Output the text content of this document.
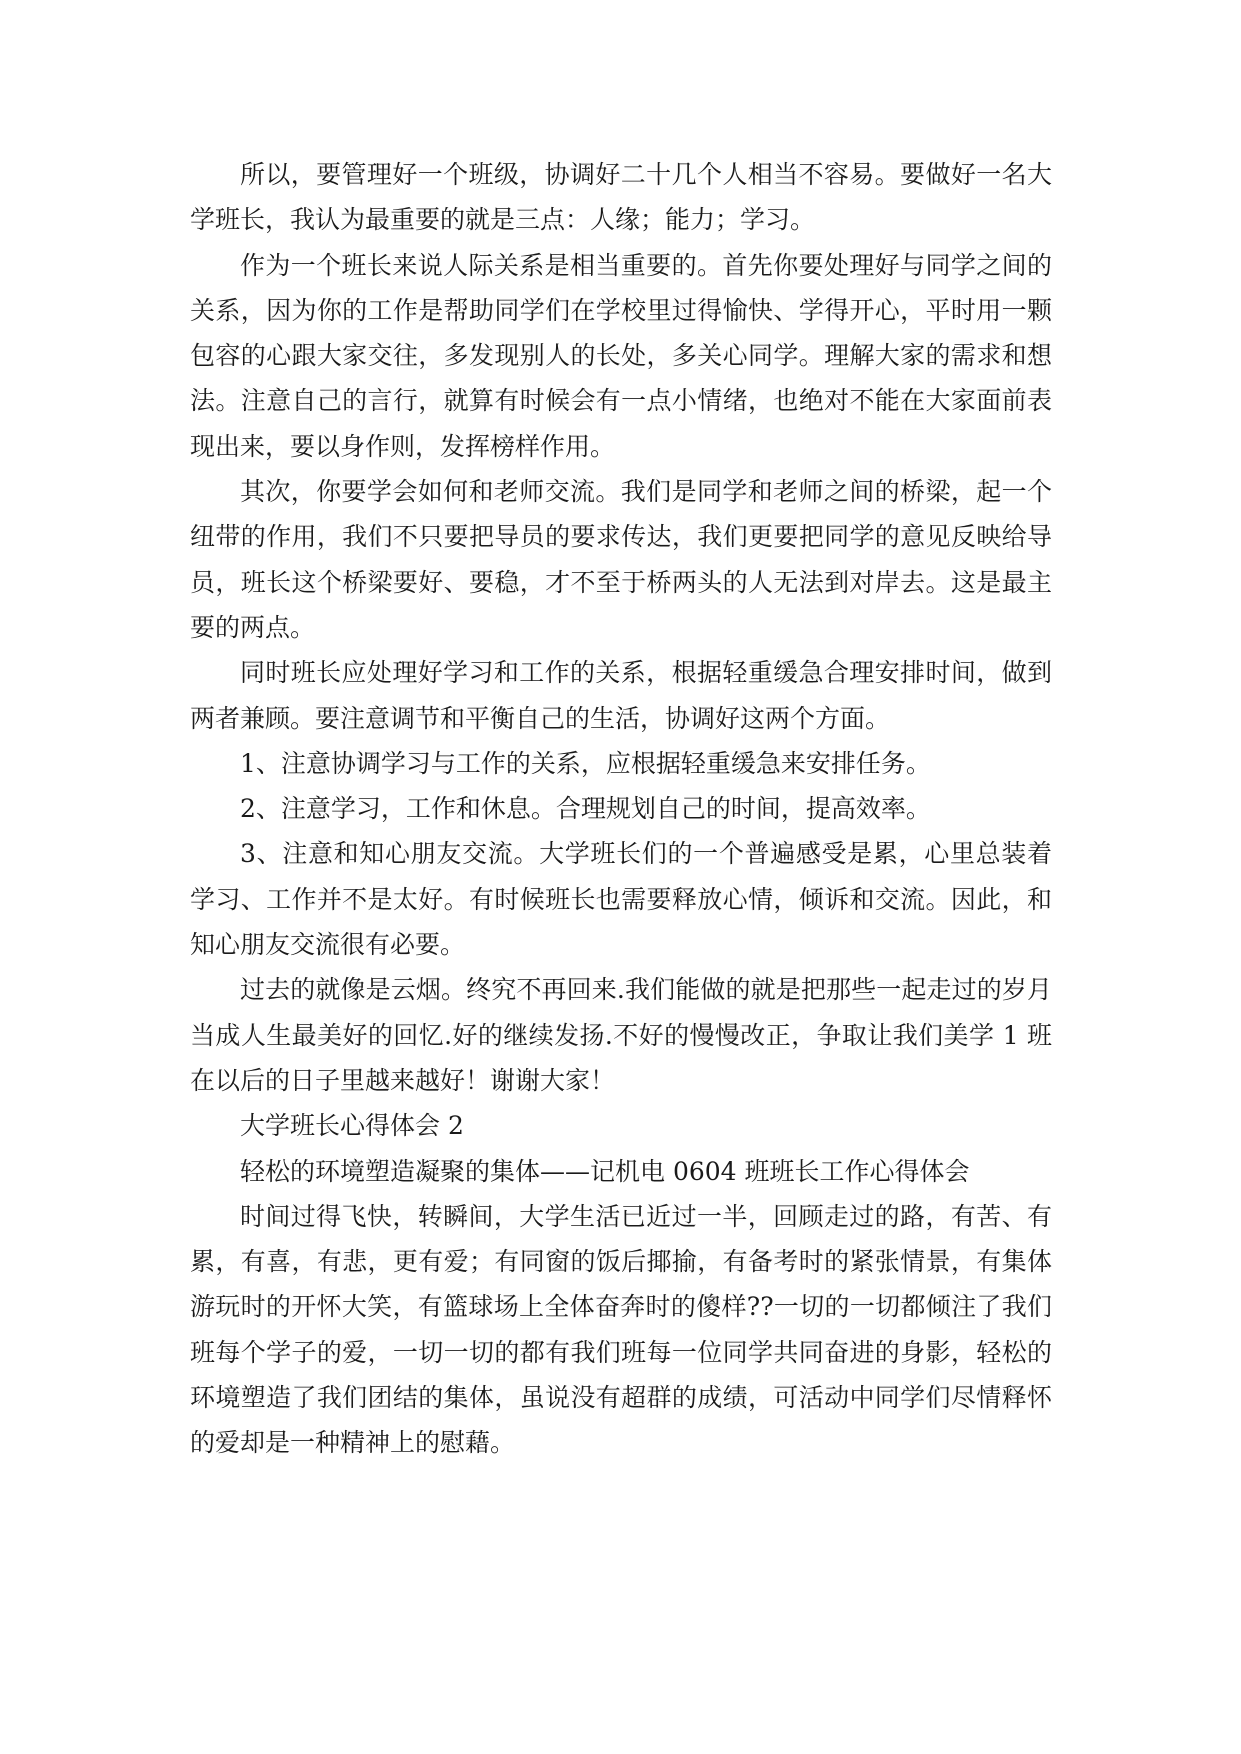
所以，要管理好一个班级，协调好二十几个人相当不容易。要做好一名大学班长，我认为最重要的就是三点：人缘；能力；学习。

作为一个班长来说人际关系是相当重要的。首先你要处理好与同学之间的关系，因为你的工作是帮助同学们在学校里过得愉快、学得开心，平时用一颗包容的心跟大家交往，多发现别人的长处，多关心同学。理解大家的需求和想法。注意自己的言行，就算有时候会有一点小情绪，也绝对不能在大家面前表现出来，要以身作则，发挥榜样作用。

其次，你要学会如何和老师交流。我们是同学和老师之间的桥梁，起一个纽带的作用，我们不只要把导员的要求传达，我们更要把同学的意见反映给导员，班长这个桥梁要好、要稳，才不至于桥两头的人无法到对岸去。这是最主要的两点。

同时班长应处理好学习和工作的关系，根据轻重缓急合理安排时间，做到两者兼顾。要注意调节和平衡自己的生活，协调好这两个方面。

1、注意协调学习与工作的关系，应根据轻重缓急来安排任务。

2、注意学习，工作和休息。合理规划自己的时间，提高效率。

3、注意和知心朋友交流。大学班长们的一个普遍感受是累，心里总装着学习、工作并不是太好。有时候班长也需要释放心情，倾诉和交流。因此，和知心朋友交流很有必要。

过去的就像是云烟。终究不再回来.我们能做的就是把那些一起走过的岁月当成人生最美好的回忆.好的继续发扬.不好的慢慢改正，争取让我们美学 1 班在以后的日子里越来越好！谢谢大家！

大学班长心得体会 2

轻松的环境塑造凝聚的集体——记机电 0604 班班长工作心得体会

时间过得飞快，转瞬间，大学生活已近过一半，回顾走过的路，有苦、有累，有喜，有悲，更有爱；有同窗的饭后揶揄，有备考时的紧张情景，有集体游玩时的开怀大笑，有篮球场上全体奋奔时的傻样??一切的一切都倾注了我们班每个学子的爱，一切一切的都有我们班每一位同学共同奋进的身影，轻松的环境塑造了我们团结的集体，虽说没有超群的成绩，可活动中同学们尽情释怀的爱却是一种精神上的慰藉。
